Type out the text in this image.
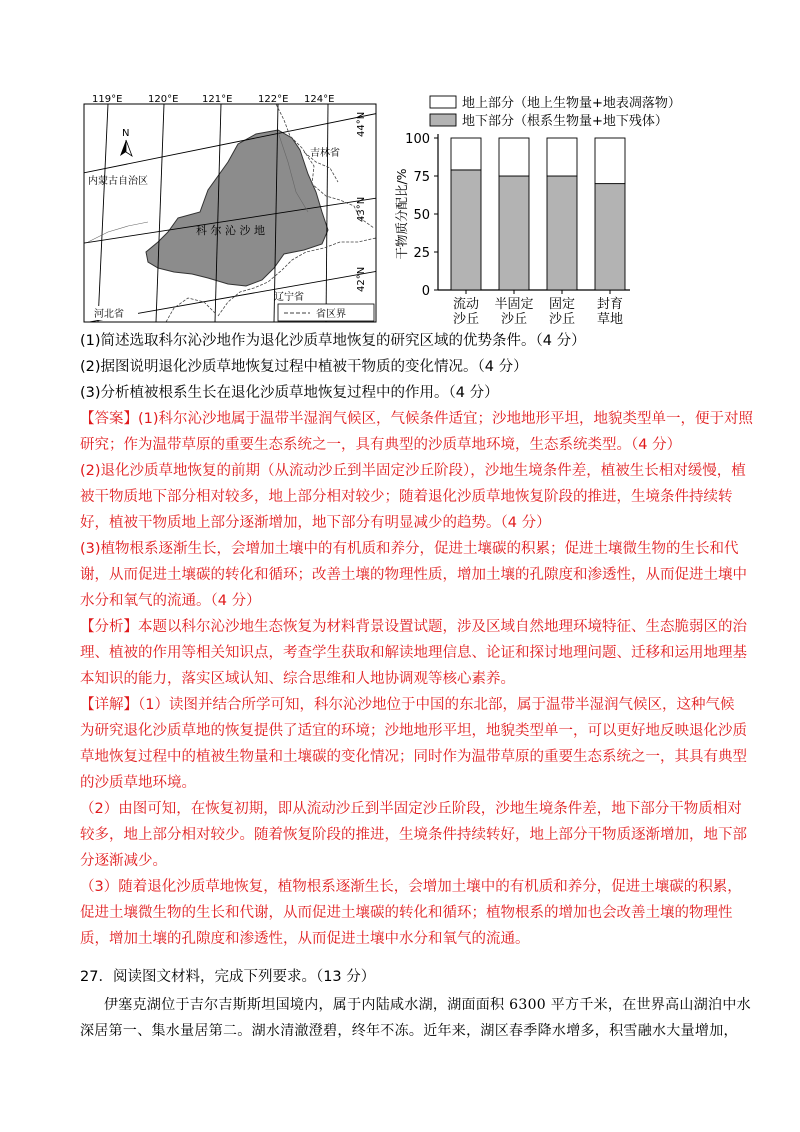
119°E	120°E 121°E	122°E 124°E
44°N
43°N
42°N
N
吉林省
内蒙古自治区
科 尔 沁 沙 地
辽宁省
河北省	省区界
地上部分（地上生物量+地表凋落物）
地下部分（根系生物量+地下残体）
0
25
50
75
100
流动
沙丘
半固定
沙丘
固定
沙丘
封育
草地
干物质分配比/%
(1)简述选取科尔沁沙地作为退化沙质草地恢复的研究区域的优势条件。（4 分）
(2)据图说明退化沙质草地恢复过程中植被干物质的变化情况。（4 分）
(3)分析植被根系生长在退化沙质草地恢复过程中的作用。（4 分）
【答案】(1)科尔沁沙地属于温带半湿润气候区，气候条件适宜；沙地地形平坦，地貌类型单一，便于对照
研究；作为温带草原的重要生态系统之一，具有典型的沙质草地环境，生态系统类型。（4 分）
(2)退化沙质草地恢复的前期（从流动沙丘到半固定沙丘阶段），沙地生境条件差，植被生长相对缓慢，植
被干物质地下部分相对较多，地上部分相对较少；随着退化沙质草地恢复阶段的推进，生境条件持续转
好，植被干物质地上部分逐渐增加，地下部分有明显减少的趋势。（4 分）
(3)植物根系逐渐生长，会增加土壤中的有机质和养分，促进土壤碳的积累；促进土壤微生物的生长和代
谢，从而促进土壤碳的转化和循环；改善土壤的物理性质，增加土壤的孔隙度和渗透性，从而促进土壤中
水分和氧气的流通。（4 分）
【分析】本题以科尔沁沙地生态恢复为材料背景设置试题，涉及区域自然地理环境特征、生态脆弱区的治
理、植被的作用等相关知识点，考查学生获取和解读地理信息、论证和探讨地理问题、迁移和运用地理基
本知识的能力，落实区域认知、综合思维和人地协调观等核心素养。
【详解】（1）读图并结合所学可知，科尔沁沙地位于中国的东北部，属于温带半湿润气候区，这种气候
为研究退化沙质草地的恢复提供了适宜的环境；沙地地形平坦，地貌类型单一，可以更好地反映退化沙质
草地恢复过程中的植被生物量和土壤碳的变化情况；同时作为温带草原的重要生态系统之一，其具有典型
的沙质草地环境。
（2）由图可知，在恢复初期，即从流动沙丘到半固定沙丘阶段，沙地生境条件差，地下部分干物质相对
较多，地上部分相对较少。随着恢复阶段的推进，生境条件持续转好，地上部分干物质逐渐增加，地下部
分逐渐减少。
（3）随着退化沙质草地恢复，植物根系逐渐生长，会增加土壤中的有机质和养分，促进土壤碳的积累，
促进土壤微生物的生长和代谢，从而促进土壤碳的转化和循环；植物根系的增加也会改善土壤的物理性
质，增加土壤的孔隙度和渗透性，从而促进土壤中水分和氧气的流通。
27．阅读图文材料，完成下列要求。（13 分）
伊塞克湖位于吉尔吉斯斯坦国境内，属于内陆咸水湖，湖面面积 6300 平方千米，在世界高山湖泊中水
深居第一、集水量居第二。湖水清澈澄碧，终年不冻。近年来，湖区春季降水增多，积雪融水大量增加，
